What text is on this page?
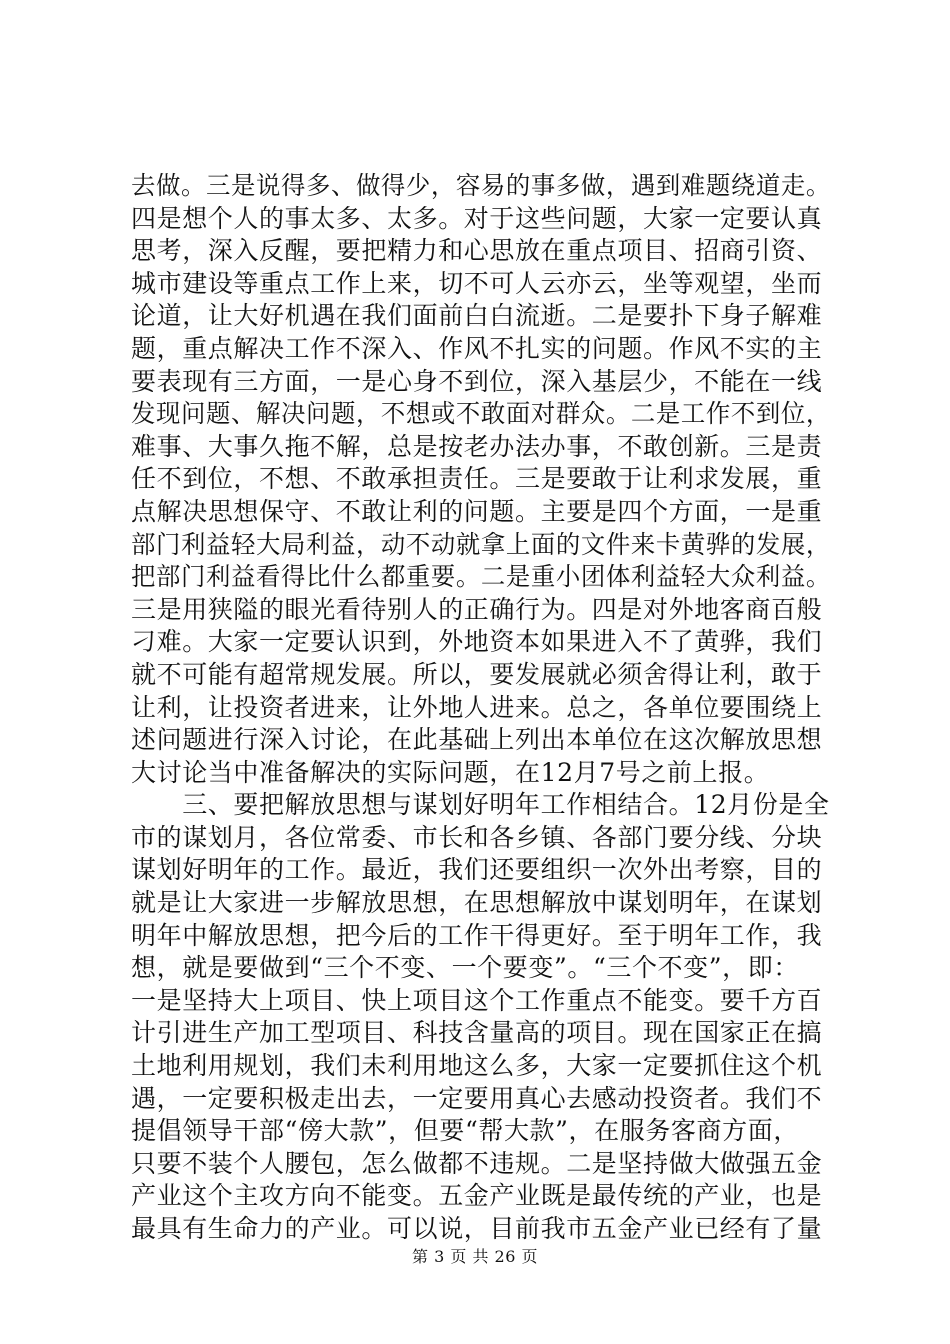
去做。三是说得多、做得少，容易的事多做，遇到难题绕道走。
四是想个人的事太多、太多。对于这些问题，大家一定要认真
思考，深入反醒，要把精力和心思放在重点项目、招商引资、
城市建设等重点工作上来，切不可人云亦云，坐等观望，坐而
论道，让大好机遇在我们面前白白流逝。二是要扑下身子解难
题，重点解决工作不深入、作风不扎实的问题。作风不实的主
要表现有三方面，一是心身不到位，深入基层少，不能在一线
发现问题、解决问题，不想或不敢面对群众。二是工作不到位，
难事、大事久拖不解，总是按老办法办事，不敢创新。三是责
任不到位，不想、不敢承担责任。三是要敢于让利求发展，重
点解决思想保守、不敢让利的问题。主要是四个方面，一是重
部门利益轻大局利益，动不动就拿上面的文件来卡黄骅的发展，
把部门利益看得比什么都重要。二是重小团体利益轻大众利益。
三是用狭隘的眼光看待别人的正确行为。四是对外地客商百般
刁难。大家一定要认识到，外地资本如果进入不了黄骅，我们
就不可能有超常规发展。所以，要发展就必须舍得让利，敢于
让利，让投资者进来，让外地人进来。总之，各单位要围绕上
述问题进行深入讨论，在此基础上列出本单位在这次解放思想
大讨论当中准备解决的实际问题，在12月7号之前上报。
　　三、要把解放思想与谋划好明年工作相结合。12月份是全
市的谋划月，各位常委、市长和各乡镇、各部门要分线、分块
谋划好明年的工作。最近，我们还要组织一次外出考察，目的
就是让大家进一步解放思想，在思想解放中谋划明年，在谋划
明年中解放思想，把今后的工作干得更好。至于明年工作，我
想，就是要做到“三个不变、一个要变”。“三个不变”，即：
一是坚持大上项目、快上项目这个工作重点不能变。要千方百
计引进生产加工型项目、科技含量高的项目。现在国家正在搞
土地利用规划，我们未利用地这么多，大家一定要抓住这个机
遇，一定要积极走出去，一定要用真心去感动投资者。我们不
提倡领导干部“傍大款”，但要“帮大款”，在服务客商方面，
只要不装个人腰包，怎么做都不违规。二是坚持做大做强五金
产业这个主攻方向不能变。五金产业既是最传统的产业，也是
最具有生命力的产业。可以说，目前我市五金产业已经有了量
第 3 页 共 26 页
